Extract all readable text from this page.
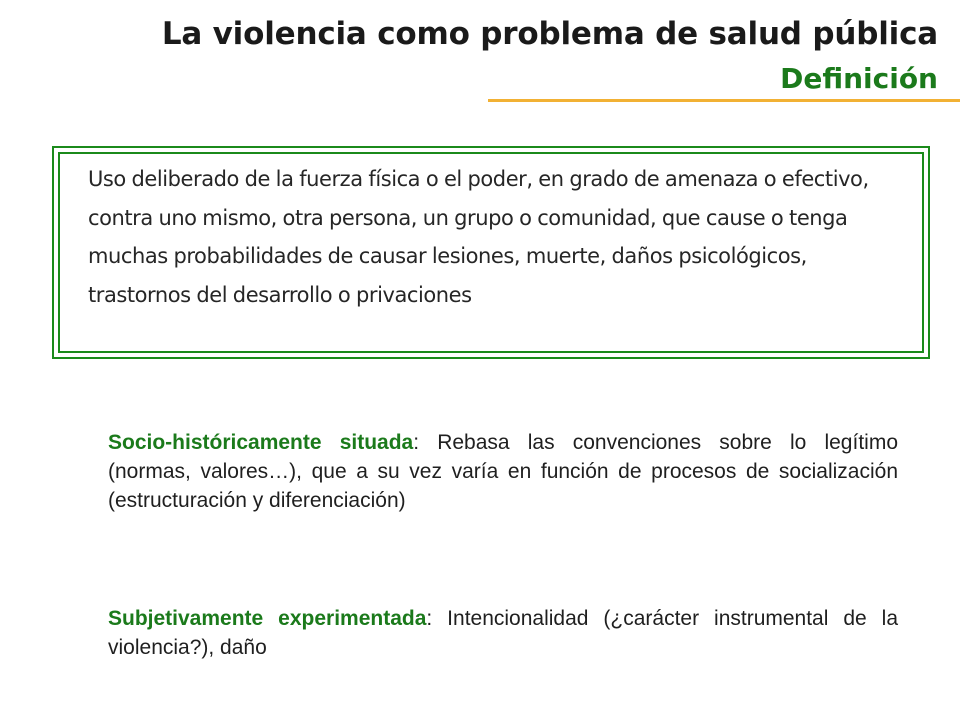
La violencia como problema de salud pública
Definición

Uso deliberado de la fuerza física o el poder, en grado de amenaza o efectivo, contra uno mismo, otra persona, un grupo o comunidad, que cause o tenga muchas probabilidades de causar lesiones, muerte, daños psicológicos, trastornos del desarrollo o privaciones

Socio-históricamente situada: Rebasa las convenciones sobre lo legítimo (normas, valores…), que a su vez varía en función de procesos de socialización (estructuración y diferenciación)

Subjetivamente experimentada: Intencionalidad (¿carácter instrumental de la violencia?), daño
